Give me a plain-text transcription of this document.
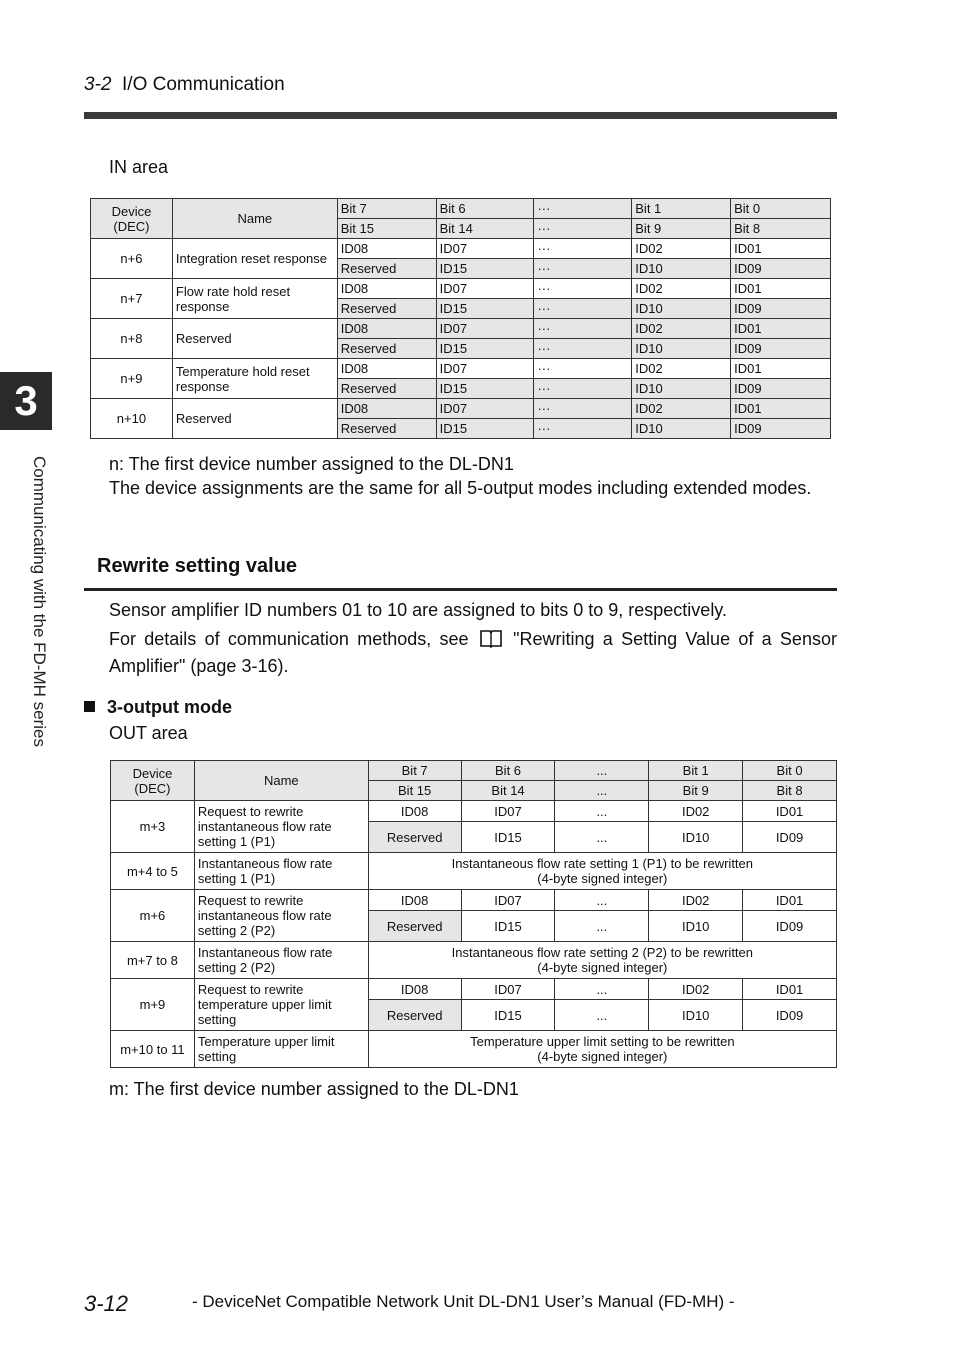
3-2 I/O Communication
3
Communicating with the FD-MH series
IN area
Device (DEC)	Name	Bit 7	Bit 6	···	Bit 1	Bit 0
		Bit 15	Bit 14	···	Bit 9	Bit 8
n+6	Integration reset response	ID08	ID07	···	ID02	ID01
		Reserved	ID15	···	ID10	ID09
n+7	Flow rate hold reset response	ID08	ID07	···	ID02	ID01
		Reserved	ID15	···	ID10	ID09
n+8	Reserved	ID08	ID07	···	ID02	ID01
		Reserved	ID15	···	ID10	ID09
n+9	Temperature hold reset response	ID08	ID07	···	ID02	ID01
		Reserved	ID15	···	ID10	ID09
n+10	Reserved	ID08	ID07	···	ID02	ID01
		Reserved	ID15	···	ID10	ID09
n: The first device number assigned to the DL-DN1
The device assignments are the same for all 5-output modes including extended modes.
Rewrite setting value
Sensor amplifier ID numbers 01 to 10 are assigned to bits 0 to 9, respectively.
For details of communication methods, see "Rewriting a Setting Value of a Sensor Amplifier" (page 3-16).
3-output mode
OUT area
Device (DEC)	Name	Bit 7	Bit 6	...	Bit 1	Bit 0
		Bit 15	Bit 14	...	Bit 9	Bit 8
m+3	Request to rewrite instantaneous flow rate setting 1 (P1)	ID08	ID07	...	ID02	ID01
		Reserved	ID15	...	ID10	ID09
m+4 to 5	Instantaneous flow rate setting 1 (P1)	Instantaneous flow rate setting 1 (P1) to be rewritten
(4-byte signed integer)				

m+6	Request to rewrite instantaneous flow rate setting 2 (P2)	ID08	ID07	...	ID02	ID01
		Reserved	ID15	...	ID10	ID09
m+7 to 8	Instantaneous flow rate setting 2 (P2)	Instantaneous flow rate setting 2 (P2) to be rewritten
(4-byte signed integer)				

m+9	Request to rewrite temperature upper limit setting	ID08	ID07	...	ID02	ID01
		Reserved	ID15	...	ID10	ID09
m+10 to 11	Temperature upper limit setting	Temperature upper limit setting to be rewritten
(4-byte signed integer)				
m: The first device number assigned to the DL-DN1
3-12	- DeviceNet Compatible Network Unit DL-DN1 User’s Manual (FD-MH) -
